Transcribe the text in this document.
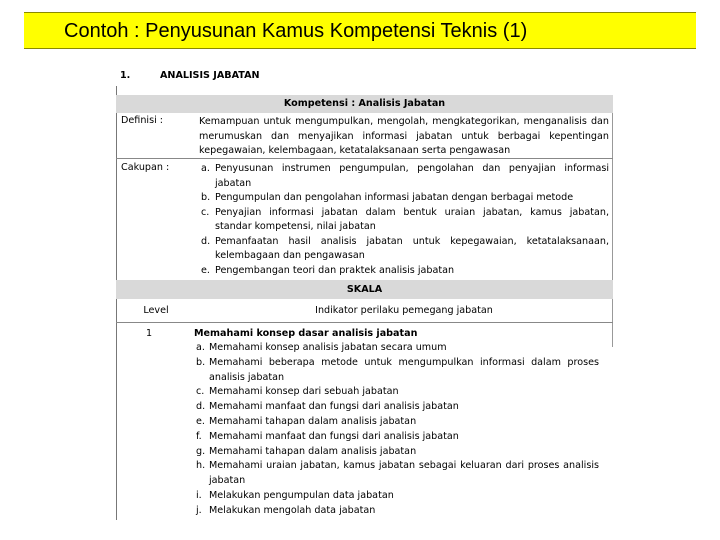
Contoh : Penyusunan Kamus Kompetensi Teknis (1)
1.	ANALISIS JABATAN
Kompetensi : Analisis Jabatan
Definisi :	Kemampuan untuk mengumpulkan, mengolah, mengkategorikan, menganalisis dan merumuskan dan menyajikan informasi jabatan untuk berbagai kepentingan kepegawaian, kelembagaan, ketatalaksanaan serta pengawasan
Cakupan :	a. Penyusunan instrumen pengumpulan, pengolahan dan penyajian informasi jabatan
b. Pengumpulan dan pengolahan informasi jabatan dengan berbagai metode
c. Penyajian informasi jabatan dalam bentuk uraian jabatan, kamus jabatan, standar kompetensi, nilai jabatan
d. Pemanfaatan hasil analisis jabatan untuk kepegawaian, ketatalaksanaan, kelembagaan dan pengawasan
e. Pengembangan teori dan praktek analisis jabatan
SKALA
Level	Indikator perilaku pemegang jabatan
1	Memahami konsep dasar analisis jabatan
a. Memahami konsep analisis jabatan secara umum
b. Memahami beberapa metode untuk mengumpulkan informasi dalam proses analisis jabatan
c. Memahami konsep dari sebuah jabatan
d. Memahami manfaat dan fungsi dari analisis jabatan
e. Memahami tahapan dalam analisis jabatan
f. Memahami manfaat dan fungsi dari analisis jabatan
g. Memahami tahapan dalam analisis jabatan
h. Memahami uraian jabatan, kamus jabatan sebagai keluaran dari proses analisis jabatan
i. Melakukan pengumpulan data jabatan
j. Melakukan mengolah data jabatan
